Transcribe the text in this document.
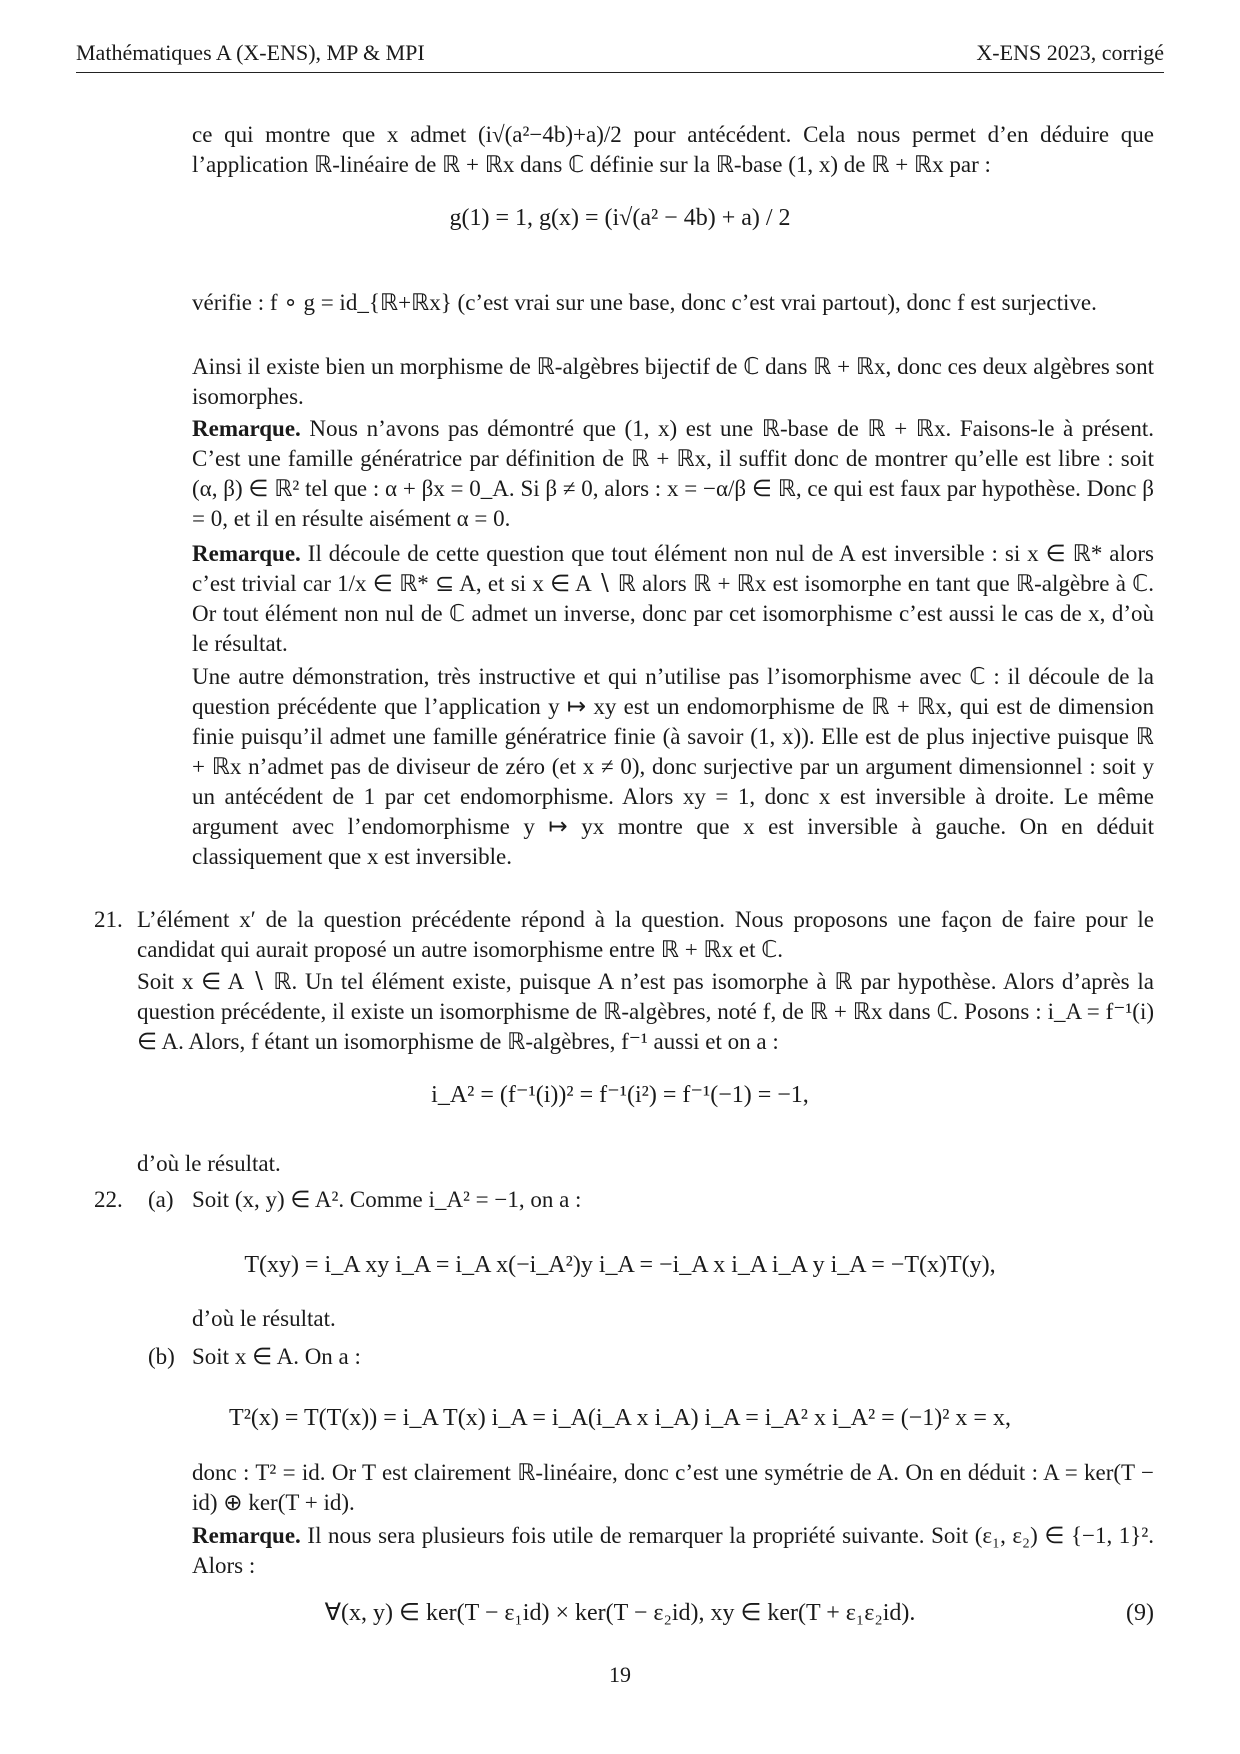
Mathématiques A (X-ENS), MP & MPI	X-ENS 2023, corrigé
ce qui montre que x admet (i√(a²−4b)+a)/2 pour antécédent. Cela nous permet d’en déduire que l’application ℝ-linéaire de ℝ + ℝx dans ℂ définie sur la ℝ-base (1, x) de ℝ + ℝx par :
g(1) = 1, g(x) = (i√(a² − 4b) + a) / 2
vérifie : f ∘ g = id_{ℝ+ℝx} (c’est vrai sur une base, donc c’est vrai partout), donc f est surjective.
Ainsi il existe bien un morphisme de ℝ-algèbres bijectif de ℂ dans ℝ + ℝx, donc ces deux algèbres sont isomorphes.
Remarque. Nous n’avons pas démontré que (1, x) est une ℝ-base de ℝ + ℝx. Faisons-le à présent. C’est une famille génératrice par définition de ℝ + ℝx, il suffit donc de montrer qu’elle est libre : soit (α, β) ∈ ℝ² tel que : α + βx = 0_A. Si β ≠ 0, alors : x = −α/β ∈ ℝ, ce qui est faux par hypothèse. Donc β = 0, et il en résulte aisément α = 0.
Remarque. Il découle de cette question que tout élément non nul de A est inversible : si x ∈ ℝ* alors c’est trivial car 1/x ∈ ℝ* ⊆ A, et si x ∈ A ∖ ℝ alors ℝ + ℝx est isomorphe en tant que ℝ-algèbre à ℂ. Or tout élément non nul de ℂ admet un inverse, donc par cet isomorphisme c’est aussi le cas de x, d’où le résultat.
Une autre démonstration, très instructive et qui n’utilise pas l’isomorphisme avec ℂ : il découle de la question précédente que l’application y ↦ xy est un endomorphisme de ℝ + ℝx, qui est de dimension finie puisqu’il admet une famille génératrice finie (à savoir (1, x)). Elle est de plus injective puisque ℝ + ℝx n’admet pas de diviseur de zéro (et x ≠ 0), donc surjective par un argument dimensionnel : soit y un antécédent de 1 par cet endomorphisme. Alors xy = 1, donc x est inversible à droite. Le même argument avec l’endomorphisme y ↦ yx montre que x est inversible à gauche. On en déduit classiquement que x est inversible.
21. L’élément x′ de la question précédente répond à la question. Nous proposons une façon de faire pour le candidat qui aurait proposé un autre isomorphisme entre ℝ + ℝx et ℂ.
Soit x ∈ A ∖ ℝ. Un tel élément existe, puisque A n’est pas isomorphe à ℝ par hypothèse. Alors d’après la question précédente, il existe un isomorphisme de ℝ-algèbres, noté f, de ℝ + ℝx dans ℂ. Posons : i_A = f⁻¹(i) ∈ A. Alors, f étant un isomorphisme de ℝ-algèbres, f⁻¹ aussi et on a :
i_A² = (f⁻¹(i))² = f⁻¹(i²) = f⁻¹(−1) = −1,
d’où le résultat.
22. (a) Soit (x, y) ∈ A². Comme i_A² = −1, on a :
T(xy) = i_A xy i_A = i_A x(−i_A²)y i_A = −i_A x i_A i_A y i_A = −T(x)T(y),
d’où le résultat.
(b) Soit x ∈ A. On a :
T²(x) = T(T(x)) = i_A T(x) i_A = i_A(i_A x i_A) i_A = i_A² x i_A² = (−1)² x = x,
donc : T² = id. Or T est clairement ℝ-linéaire, donc c’est une symétrie de A. On en déduit : A = ker(T − id) ⊕ ker(T + id).
Remarque. Il nous sera plusieurs fois utile de remarquer la propriété suivante. Soit (ε₁, ε₂) ∈ {−1, 1}². Alors :
∀(x, y) ∈ ker(T − ε₁id) × ker(T − ε₂id), xy ∈ ker(T + ε₁ε₂id).	(9)
19
